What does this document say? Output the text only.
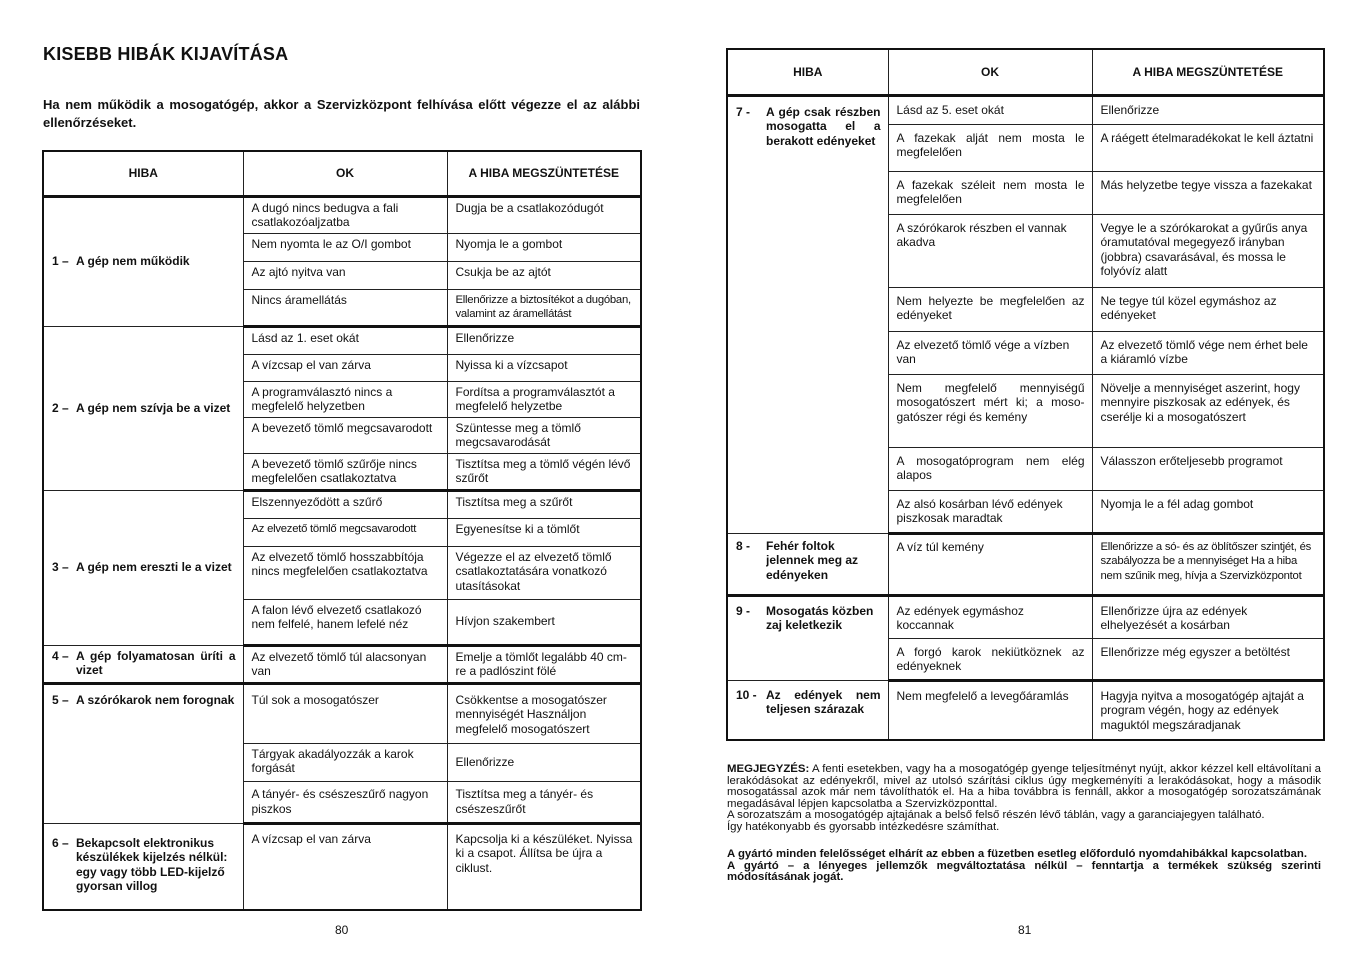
KISEBB HIBÁK KIJAVÍTÁSA

Ha nem működik a mosogatógép, akkor a Szervizközpont felhívása előtt végezze el az alábbi ellenőrzéseket.

HIBA	OK	A HIBA MEGSZÜNTETÉSE
1 – A gép nem működik	A dugó nincs bedugva a fali csatlakozóaljzatba	Dugja be a csatlakozódugót
	Nem nyomta le az O/I gombot	Nyomja le a gombot
	Az ajtó nyitva van	Csukja be az ajtót
	Nincs áramellátás	Ellenőrizze a biztosítékot a dugóban, valamint az áramellátást

2 – A gép nem szívja be a vizet	Lásd az 1. eset okát	Ellenőrizze
	A vízcsap el van zárva	Nyissa ki a vízcsapot
	A programválasztó nincs a megfelelő helyzetben	Fordítsa a programválasztót a megfelelő helyzetbe
	A bevezető tömlő megcsavarodott	Szüntesse meg a tömlő megcsavarodását
	A bevezető tömlő szűrője nincs megfelelően csatlakoztatva	Tisztítsa meg a tömlő végén lévő szűrőt

3 – A gép nem ereszti le a vizet	Elszennyeződött a szűrő	Tisztítsa meg a szűrőt
	Az elvezető tömlő megcsavarodott	Egyenesítse ki a tömlőt
	Az elvezető tömlő hosszabbítója nincs megfelelően csatlakoztatva	Végezze el az elvezető tömlő csatlakoztatására vonatkozó utasításokat
	A falon lévő elvezető csatlakozó nem felfelé, hanem lefelé néz	Hívjon szakembert

4 – A gép folyamatosan üríti a vizet	Az elvezető tömlő túl alacsonyan van	Emelje a tömlőt legalább 40 cm-re a padlószint fölé

5 – A szórókarok nem forognak	Túl sok a mosogatószer	Csökkentse a mosogatószer mennyiségét Használjon megfelelő mosogatószert
	Tárgyak akadályozzák a karok forgását	Ellenőrizze
	A tányér- és csészeszűrő nagyon piszkos	Tisztítsa meg a tányér- és csészeszűrőt

6 – Bekapcsolt elektronikus készülékek kijelzés nélkül: egy vagy több LED-kijelző gyorsan villog	A vízcsap el van zárva	Kapcsolja ki a készüléket. Nyissa ki a csapot. Állítsa be újra a ciklust.
80	81
HIBA	OK	A HIBA MEGSZÜNTETÉSE

7 - A gép csak részben mosogatta el a berakott edényeket	Lásd az 5. eset okát	Ellenőrizze
	A fazekak alját nem mosta le megfelelően	A ráégett ételmaradékokat le kell áztatni
	A fazekak széleit nem mosta le megfelelően	Más helyzetbe tegye vissza a fazekakat
	A szórókarok részben el vannak akadva	Vegye le a szórókarokat a gyűrűs anya óramutatóval megegyező irányban (jobbra) csavarásával, és mossa le folyóvíz alatt
	Nem helyezte be megfelelően az edényeket	Ne tegye túl közel egymáshoz az edényeket
	Az elvezető tömlő vége a vízben van	Az elvezető tömlő vége nem érhet bele a kiáramló vízbe
	Nem megfelelő mennyiségű mosogatószert mért ki; a moso- gatószer régi és kemény	Növelje a mennyiséget aszerint, hogy mennyire piszkosak az edények, és cserélje ki a mosogatószert
	A mosogatóprogram nem elég alapos	Válasszon erőteljesebb programot
	Az alsó kosárban lévő edények piszkosak maradtak	Nyomja le a fél adag gombot

8 - Fehér foltok jelennek meg az edényeken	A víz túl kemény	Ellenőrizze a só- és az öblítőszer szintjét, és szabályozza be a mennyiséget Ha a hiba nem szűnik meg, hívja a Szervizközpontot

9 - Mosogatás közben zaj keletkezik	Az edények egymáshoz koccannak	Ellenőrizze újra az edények elhelyezését a kosárban
	A forgó karok nekiütköznek az edényeknek	Ellenőrizze még egyszer a betöltést

10 - Az edények nem teljesen szárazak	Nem megfelelő a levegőáramlás	Hagyja nyitva a mosogatógép ajtaját a program végén, hogy az edények maguktól megszáradjanak

MEGJEGYZÉS: A fenti esetekben, vagy ha a mosogatógép gyenge teljesítményt nyújt, akkor kézzel kell eltávolítani a lerakódásokat az edényekről, mivel az utolsó szárítási ciklus úgy megkeményíti a lerakódásokat, hogy a második mosogatással azok már nem távolíthatók el. Ha a hiba továbbra is fennáll, akkor a mosogatógép sorozatszámának megadásával lépjen kapcsolatba a Szervizközponttal.

A sorozatszám a mosogatógép ajtajának a belső felső részén lévő táblán, vagy a garanciajegyen található.

Így hatékonyabb és gyorsabb intézkedésre számíthat.

A gyártó minden felelősséget elhárít az ebben a füzetben esetleg előforduló nyomdahibákkal kapcsolatban.

A gyártó – a lényeges jellemzők megváltoztatása nélkül – fenntartja a termékek szükség szerinti módosításának jogát.
